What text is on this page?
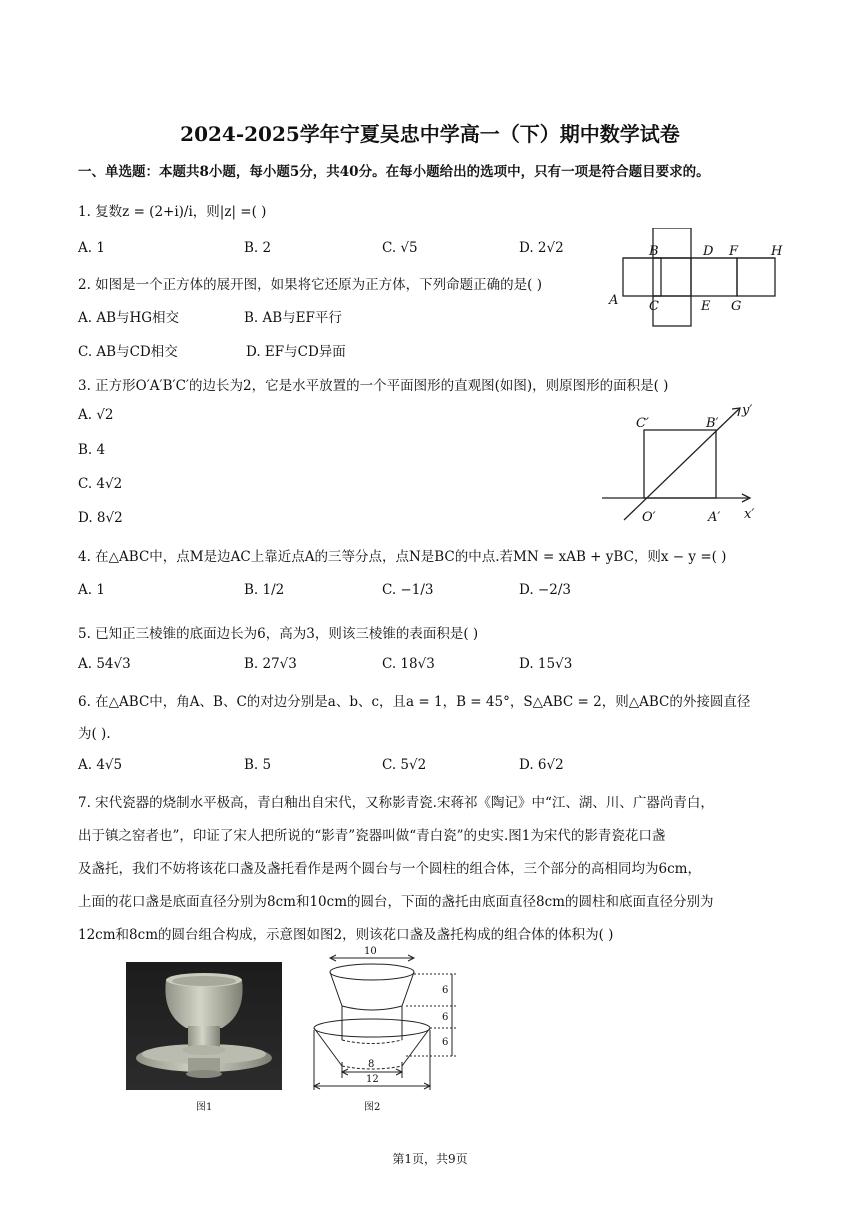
2024-2025学年宁夏吴忠中学高一（下）期中数学试卷
一、单选题：本题共8小题，每小题5分，共40分。在每小题给出的选项中，只有一项是符合题目要求的。
1. 复数z = (2+i)/i，则|z| =( )
A. 1	B. 2	C. √5	D. 2√2
2. 如图是一个正方体的展开图，如果将它还原为正方体，下列命题正确的是( )
A. AB与HG相交	B. AB与EF平行
C. AB与CD相交	D. EF与CD异面
B	D F	H
A C	E G
3. 正方形O′A′B′C′的边长为2，它是水平放置的一个平面图形的直观图(如图)，则原图形的面积是( )
A. √2
B. 4
C. 4√2
D. 8√2
C′	B′
y′
O′	A′ x′
4. 在△ABC中，点M是边AC上靠近点A的三等分点，点N是BC的中点.若MN = xAB + yBC，则x − y =( )
A. 1	B. 1/2	C. −1/3	D. −2/3
5. 已知正三棱锥的底面边长为6，高为3，则该三棱锥的表面积是( )
A. 54√3	B. 27√3	C. 18√3	D. 15√3
6. 在△ABC中，角A、B、C的对边分别是a、b、c，且a = 1，B = 45°，S△ABC = 2，则△ABC的外接圆直径
为( ).
A. 4√5	B. 5	C. 5√2	D. 6√2
7. 宋代瓷器的烧制水平极高，青白釉出自宋代，又称影青瓷.宋蒋祁《陶记》中“江、湖、川、广器尚青白，
出于镇之窑者也”，印证了宋人把所说的“影青”瓷器叫做“青白瓷”的史实.图1为宋代的影青瓷花口盏
及盏托，我们不妨将该花口盏及盏托看作是两个圆台与一个圆柱的组合体，三个部分的高相同均为6cm，
上面的花口盏是底面直径分别为8cm和10cm的圆台，下面的盏托由底面直径8cm的圆柱和底面直径分别为
12cm和8cm的圆台组合构成，示意图如图2，则该花口盏及盏托构成的组合体的体积为( )
图1
10
6
6
6
8
12
图2
第1页，共9页
